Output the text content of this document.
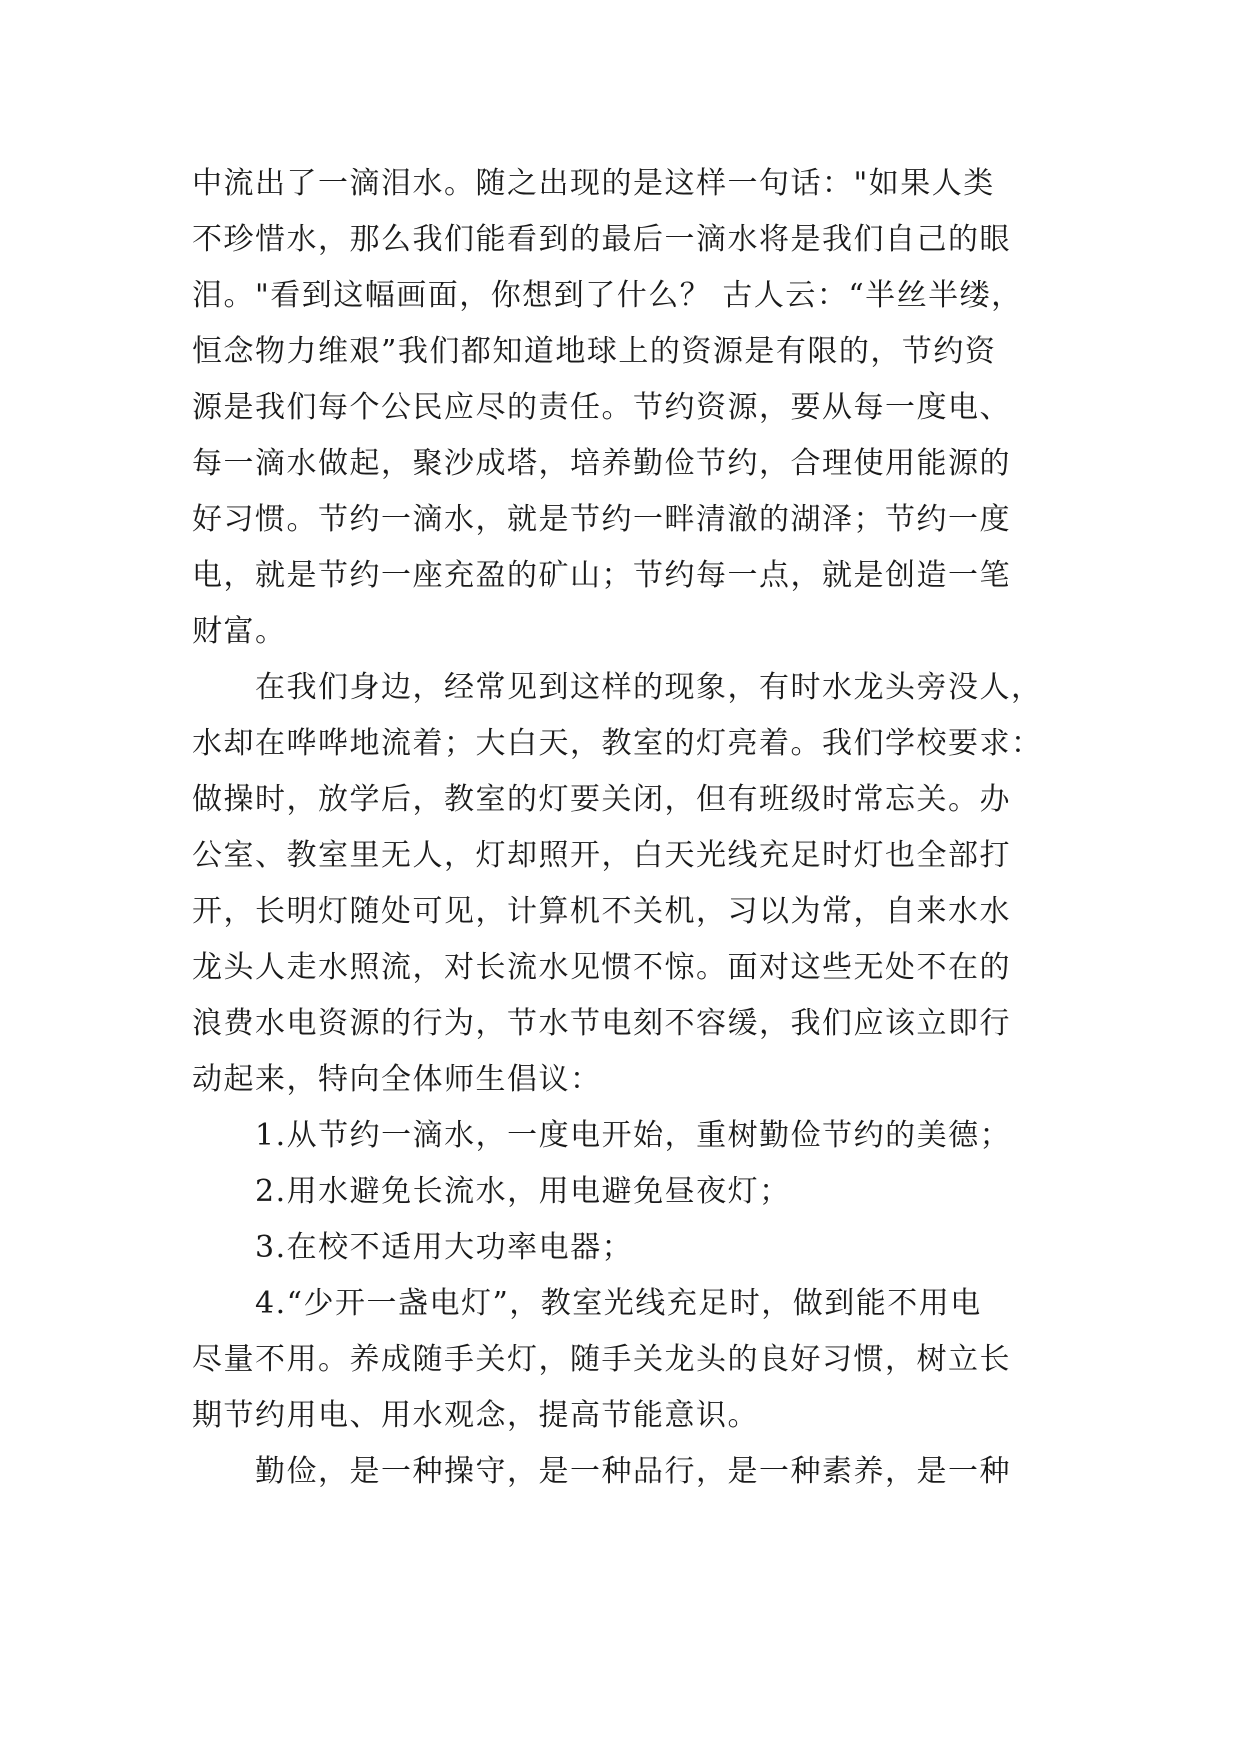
中流出了一滴泪水。随之出现的是这样一句话："如果人类
不珍惜水，那么我们能看到的最后一滴水将是我们自己的眼
泪。"看到这幅画面，你想到了什么？ 古人云：“半丝半缕，
恒念物力维艰”我们都知道地球上的资源是有限的，节约资
源是我们每个公民应尽的责任。节约资源，要从每一度电、
每一滴水做起，聚沙成塔，培养勤俭节约，合理使用能源的
好习惯。节约一滴水，就是节约一畔清澈的湖泽；节约一度
电，就是节约一座充盈的矿山；节约每一点，就是创造一笔
财富。
　　在我们身边，经常见到这样的现象，有时水龙头旁没人，
水却在哗哗地流着；大白天，教室的灯亮着。我们学校要求：
做操时，放学后，教室的灯要关闭，但有班级时常忘关。办
公室、教室里无人，灯却照开，白天光线充足时灯也全部打
开，长明灯随处可见，计算机不关机，习以为常，自来水水
龙头人走水照流，对长流水见惯不惊。面对这些无处不在的
浪费水电资源的行为，节水节电刻不容缓，我们应该立即行
动起来，特向全体师生倡议：
　　1.从节约一滴水，一度电开始，重树勤俭节约的美德；
　　2.用水避免长流水，用电避免昼夜灯；
　　3.在校不适用大功率电器；
　　4.“少开一盏电灯”，教室光线充足时，做到能不用电
尽量不用。养成随手关灯，随手关龙头的良好习惯，树立长
期节约用电、用水观念，提高节能意识。
　　勤俭，是一种操守，是一种品行，是一种素养，是一种
